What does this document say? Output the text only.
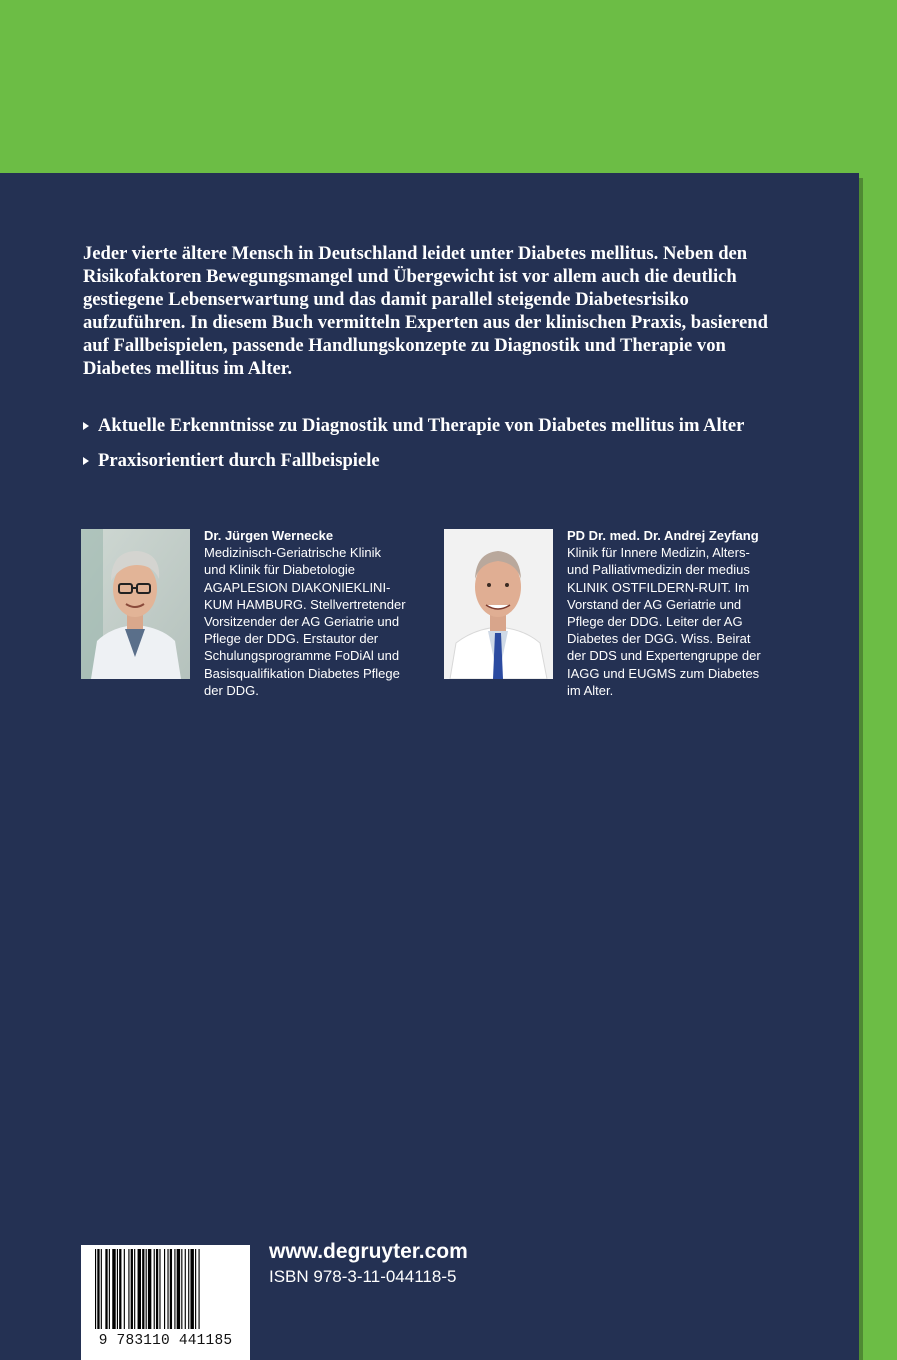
Jeder vierte ältere Mensch in Deutschland leidet unter Diabetes mellitus. Neben den Risikofaktoren Bewegungsmangel und Übergewicht ist vor allem auch die deutlich gestiegene Lebenserwartung und das damit parallel steigende Diabetesrisiko aufzuführen. In diesem Buch vermitteln Experten aus der klinischen Praxis, basierend auf Fallbeispielen, passende Handlungskonzepte zu Diagnostik und Therapie von Diabetes mellitus im Alter.

Aktuelle Erkenntnisse zu Diagnostik und Therapie von Diabetes mellitus im Alter
Praxisorientiert durch Fallbeispiele
Dr. Jürgen Wernecke
Medizinisch-Geriatrische Klinik
und Klinik für Diabetologie
AGAPLESION DIAKONIEKLINI-
KUM HAMBURG. Stellvertretender
Vorsitzender der AG Geriatrie und
Pflege der DDG. Erstautor der
Schulungsprogramme FoDiAl und
Basisqualifikation Diabetes Pflege
der DDG.
PD Dr. med. Dr. Andrej Zeyfang
Klinik für Innere Medizin, Alters-
und Palliativmedizin der medius
KLINIK OSTFILDERN-RUIT. Im
Vorstand der AG Geriatrie und
Pflege der DDG. Leiter der AG
Diabetes der DGG. Wiss. Beirat
der DDS und Expertengruppe der
IAGG und EUGMS zum Diabetes
im Alter.
9 783110 441185
www.degruyter.com
ISBN 978-3-11-044118-5
